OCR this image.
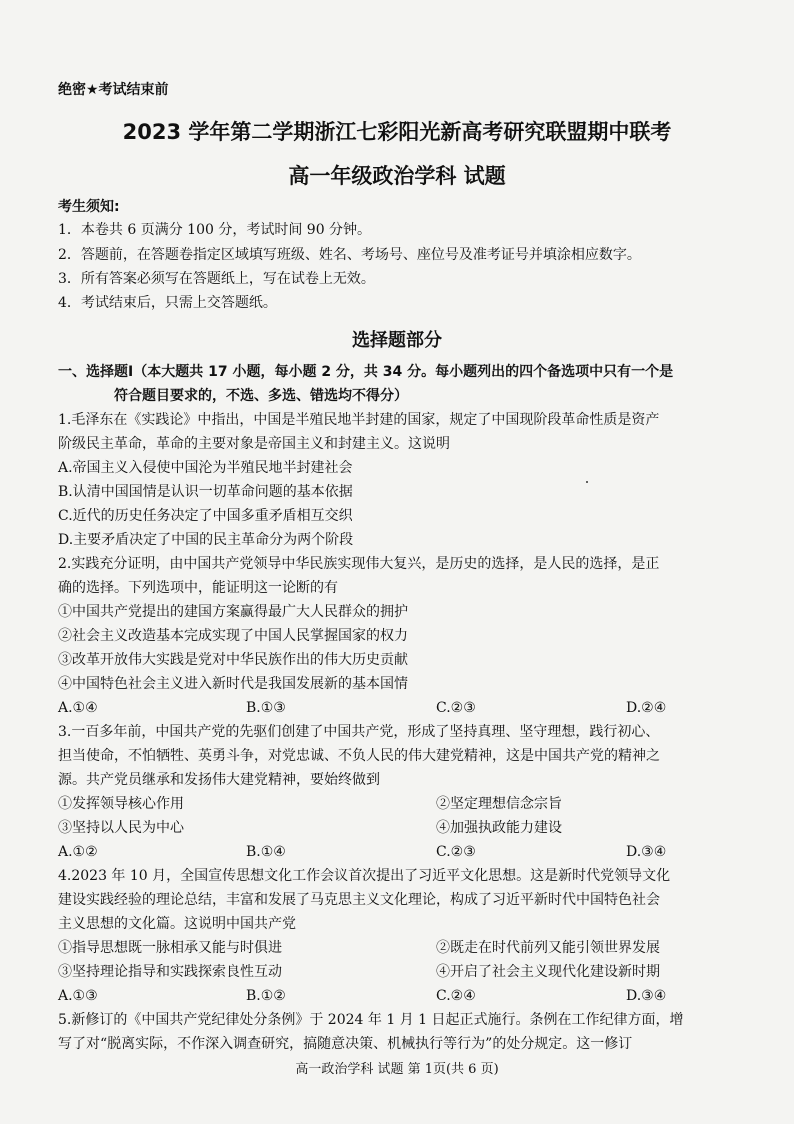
绝密★考试结束前
2023 学年第二学期浙江七彩阳光新高考研究联盟期中联考
高一年级政治学科 试题
考生须知:
1．本卷共 6 页满分 100 分，考试时间 90 分钟。
2．答题前，在答题卷指定区域填写班级、姓名、考场号、座位号及准考证号并填涂相应数字。
3．所有答案必须写在答题纸上，写在试卷上无效。
4．考试结束后，只需上交答题纸。
选择题部分
一、选择题Ⅰ（本大题共 17 小题，每小题 2 分，共 34 分。每小题列出的四个备选项中只有一个是
符合题目要求的，不选、多选、错选均不得分）
1.毛泽东在《实践论》中指出，中国是半殖民地半封建的国家，规定了中国现阶段革命性质是资产
阶级民主革命，革命的主要对象是帝国主义和封建主义。这说明
A.帝国主义入侵使中国沦为半殖民地半封建社会
B.认清中国国情是认识一切革命问题的基本依据
C.近代的历史任务决定了中国多重矛盾相互交织
D.主要矛盾决定了中国的民主革命分为两个阶段
2.实践充分证明，由中国共产党领导中华民族实现伟大复兴，是历史的选择，是人民的选择，是正
确的选择。下列选项中，能证明这一论断的有
①中国共产党提出的建国方案赢得最广大人民群众的拥护
②社会主义改造基本完成实现了中国人民掌握国家的权力
③改革开放伟大实践是党对中华民族作出的伟大历史贡献
④中国特色社会主义进入新时代是我国发展新的基本国情
A.①④	B.①③	C.②③	D.②④
3.一百多年前，中国共产党的先驱们创建了中国共产党，形成了坚持真理、坚守理想，践行初心、
担当使命，不怕牺牲、英勇斗争，对党忠诚、不负人民的伟大建党精神，这是中国共产党的精神之
源。共产党员继承和发扬伟大建党精神，要始终做到
①发挥领导核心作用	②坚定理想信念宗旨
③坚持以人民为中心	④加强执政能力建设
A.①②	B.①④	C.②③	D.③④
4.2023 年 10 月，全国宣传思想文化工作会议首次提出了习近平文化思想。这是新时代党领导文化
建设实践经验的理论总结，丰富和发展了马克思主义文化理论，构成了习近平新时代中国特色社会
主义思想的文化篇。这说明中国共产党
①指导思想既一脉相承又能与时俱进	②既走在时代前列又能引领世界发展
③坚持理论指导和实践探索良性互动	④开启了社会主义现代化建设新时期
A.①③	B.①②	C.②④	D.③④
5.新修订的《中国共产党纪律处分条例》于 2024 年 1 月 1 日起正式施行。条例在工作纪律方面，增
写了对“脱离实际，不作深入调查研究，搞随意决策、机械执行等行为”的处分规定。这一修订
高一政治学科 试题 第 1页(共 6 页)
